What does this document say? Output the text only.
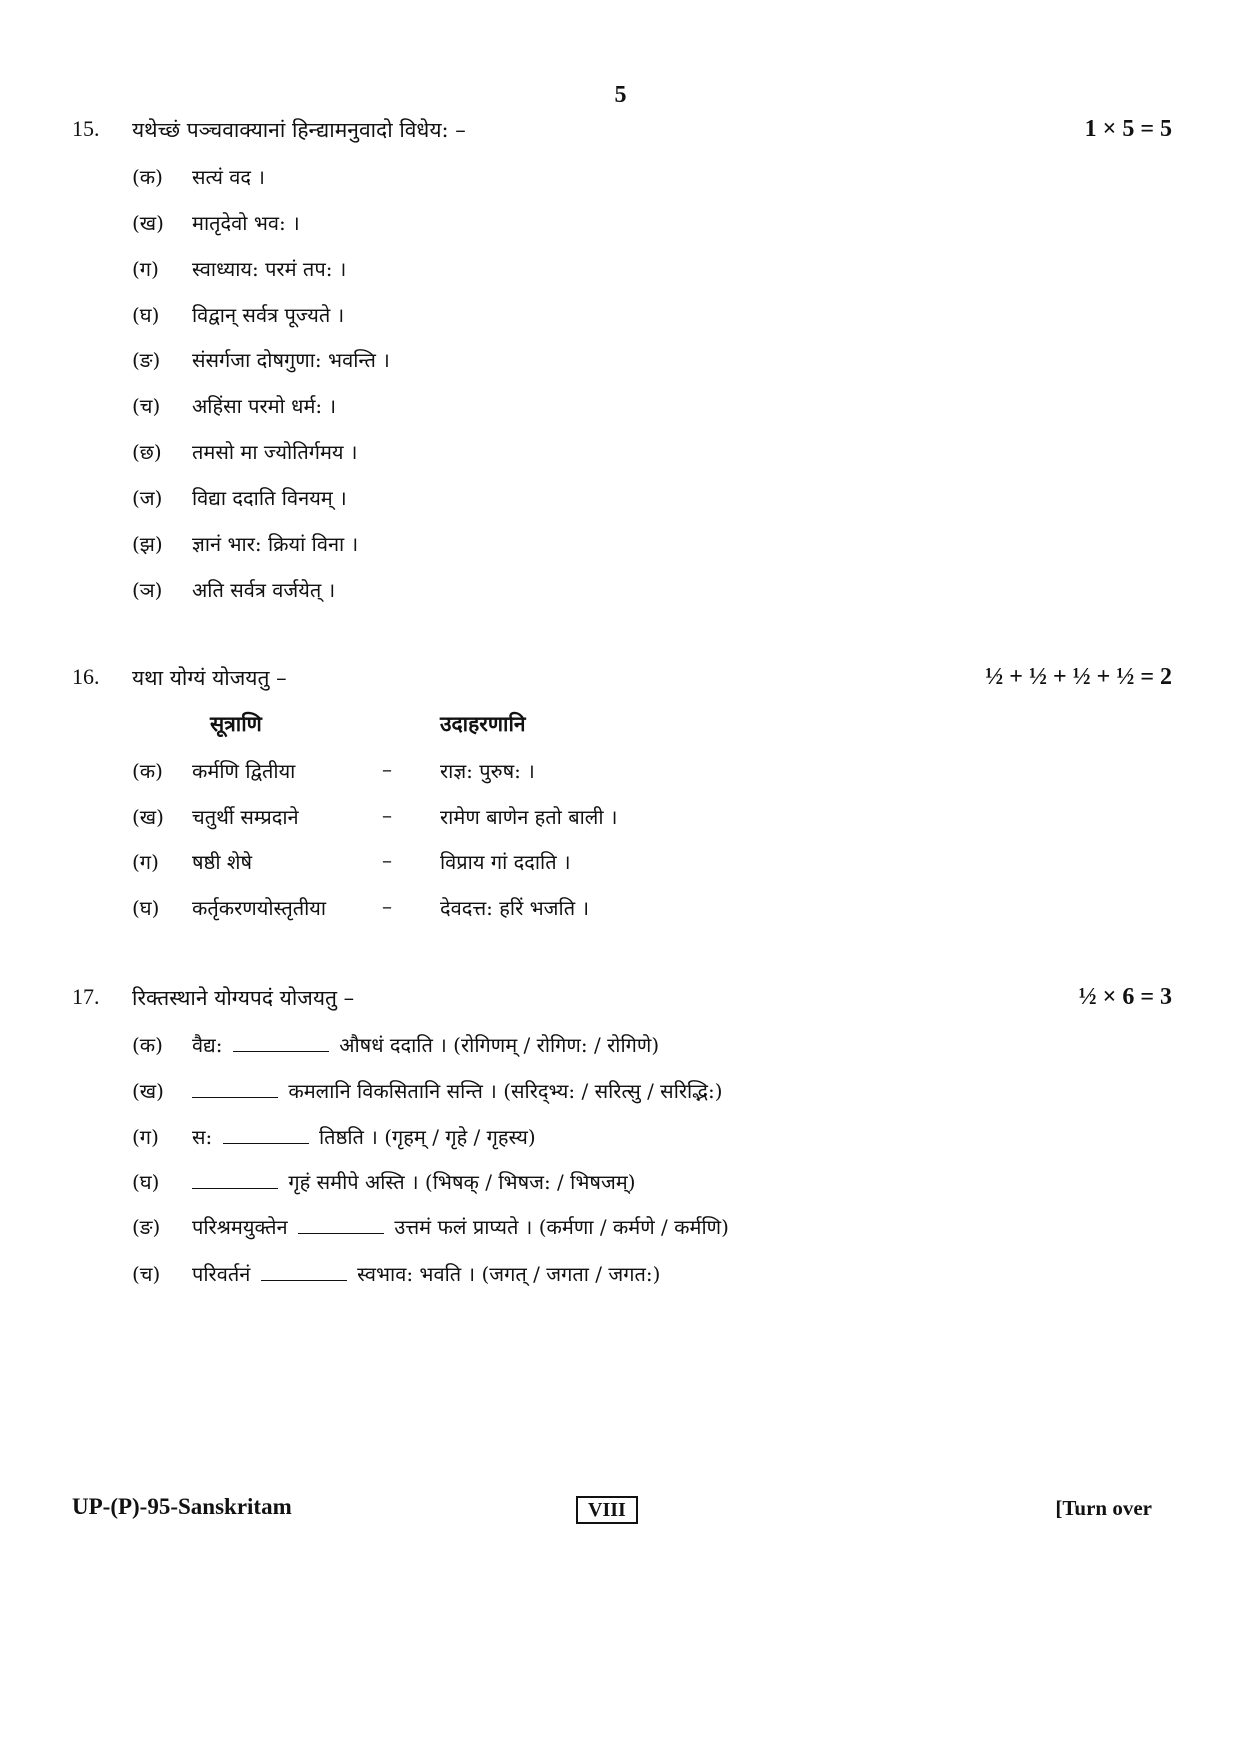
5
15. यथेच्छं पञ्चवाक्यानां हिन्द्यामनुवादो विधेय: –	1 × 5 = 5
(क) सत्यं वद ।
(ख) मातृदेवो भव: ।
(ग) स्वाध्याय: परमं तप: ।
(घ) विद्वान् सर्वत्र पूज्यते ।
(ङ) संसर्गजा दोषगुणा: भवन्ति ।
(च) अहिंसा परमो धर्म: ।
(छ) तमसो मा ज्योतिर्गमय ।
(ज) विद्या ददाति विनयम् ।
(झ) ज्ञानं भार: क्रियां विना ।
(ञ) अति सर्वत्र वर्जयेत् ।
16. यथा योग्यं योजयतु –	½ + ½ + ½ + ½ = 2
सूत्राणि	उदाहरणानि
(क) कर्मणि द्वितीया	– राज्ञ: पुरुष: ।
(ख) चतुर्थी सम्प्रदाने	– रामेण बाणेन हतो बाली ।
(ग) षष्ठी शेषे	– विप्राय गां ददाति ।
(घ) कर्तृकरणयोस्तृतीया	– देवदत्त: हरिं भजति ।
17. रिक्तस्थाने योग्यपदं योजयतु –	½ × 6 = 3
(क) वैद्य:	औषधं ददाति । (रोगिणम् / रोगिण: / रोगिणे)
(ख)	कमलानि विकसितानि सन्ति । (सरिद्भ्य: / सरित्सु / सरिद्भि:)
(ग) स:	तिष्ठति । (गृहम् / गृहे / गृहस्य)
(घ)	गृहं समीपे अस्ति । (भिषक् / भिषज: / भिषजम्)
(ङ) परिश्रमयुक्तेन	उत्तमं फलं प्राप्यते । (कर्मणा / कर्मणे / कर्मणि)
(च) परिवर्तनं	स्वभाव: भवति । (जगत् / जगता / जगत:)
UP-(P)-95-Sanskritam	VIII	[Turn over
